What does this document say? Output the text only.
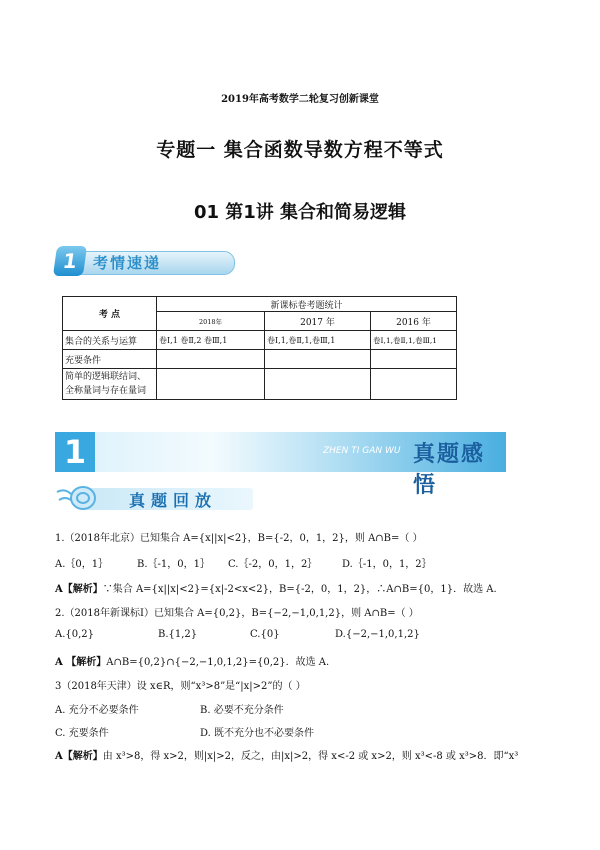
2019年高考数学二轮复习创新课堂
专题一 集合函数导数方程不等式
01 第1讲 集合和简易逻辑
1 考情速递
考 点	新课标卷考题统计		
	2018年	2017 年	2016 年
集合的关系与运算	卷Ⅰ,1 卷Ⅱ,2 卷Ⅲ,1	卷Ⅰ,1,卷Ⅱ,1,卷Ⅲ,1	卷Ⅰ,1,卷Ⅱ,1,卷Ⅲ,1
充要条件			
简单的逻辑联结词、全称量词与存在量词			
1	ZHEN TI GAN WU 真题感悟
真题回放
1.（2018年北京）已知集合 A={x||x|<2}，B={-2，0，1，2}，则 A∩B=（ ）
A.｛0，1｝	B.｛-1，0，1｝ C.｛-2，0，1，2｝ D.｛-1，0，1，2｝
A【解析】∵集合 A={x||x|<2}={x|-2<x<2}，B={-2，0，1，2}，∴A∩B={0，1}．故选 A.
2.（2018年新课标Ⅰ）已知集合 A={0,2}，B={−2,−1,0,1,2}，则 A∩B=（ ）
A.{0,2}	B.{1,2}	C.{0}	D.{−2,−1,0,1,2}
A 【解析】A∩B={0,2}∩{−2,−1,0,1,2}={0,2}．故选 A.
3（2018年天津）设 x∈R，则“x³>8”是“|x|>2”的（ ）
A. 充分不必要条件	B. 必要不充分条件
C. 充要条件	D. 既不充分也不必要条件
A【解析】由 x³>8，得 x>2，则|x|>2，反之，由|x|>2，得 x<-2 或 x>2，则 x³<-8 或 x³>8．即“x³
